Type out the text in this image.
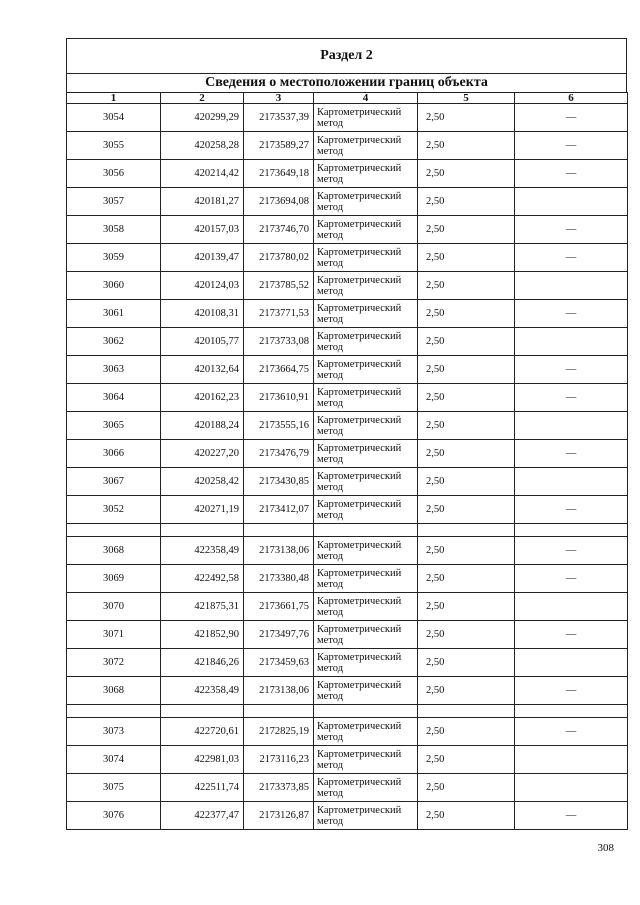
Раздел 2
Сведения о местоположении границ объекта
1	2	3	4	5	6
3054	420299,29	2173537,39	Картометрический метод	2,50	—
3055	420258,28	2173589,27	Картометрический метод	2,50	—
3056	420214,42	2173649,18	Картометрический метод	2,50	—
3057	420181,27	2173694,08	Картометрический метод	2,50	
3058	420157,03	2173746,70	Картометрический метод	2,50	—
3059	420139,47	2173780,02	Картометрический метод	2,50	—
3060	420124,03	2173785,52	Картометрический метод	2,50	
3061	420108,31	2173771,53	Картометрический метод	2,50	—
3062	420105,77	2173733,08	Картометрический метод	2,50	
3063	420132,64	2173664,75	Картометрический метод	2,50	—
3064	420162,23	2173610,91	Картометрический метод	2,50	—
3065	420188,24	2173555,16	Картометрический метод	2,50	
3066	420227,20	2173476,79	Картометрический метод	2,50	—
3067	420258,42	2173430,85	Картометрический метод	2,50	
3052	420271,19	2173412,07	Картометрический метод	2,50	—

3068	422358,49	2173138,06	Картометрический метод	2,50	—
3069	422492,58	2173380,48	Картометрический метод	2,50	—
3070	421875,31	2173661,75	Картометрический метод	2,50	
3071	421852,90	2173497,76	Картометрический метод	2,50	—
3072	421846,26	2173459,63	Картометрический метод	2,50	
3068	422358,49	2173138,06	Картометрический метод	2,50	—

3073	422720,61	2172825,19	Картометрический метод	2,50	—
3074	422981,03	2173116,23	Картометрический метод	2,50	
3075	422511,74	2173373,85	Картометрический метод	2,50	
3076	422377,47	2173126,87	Картометрический метод	2,50	—
308
